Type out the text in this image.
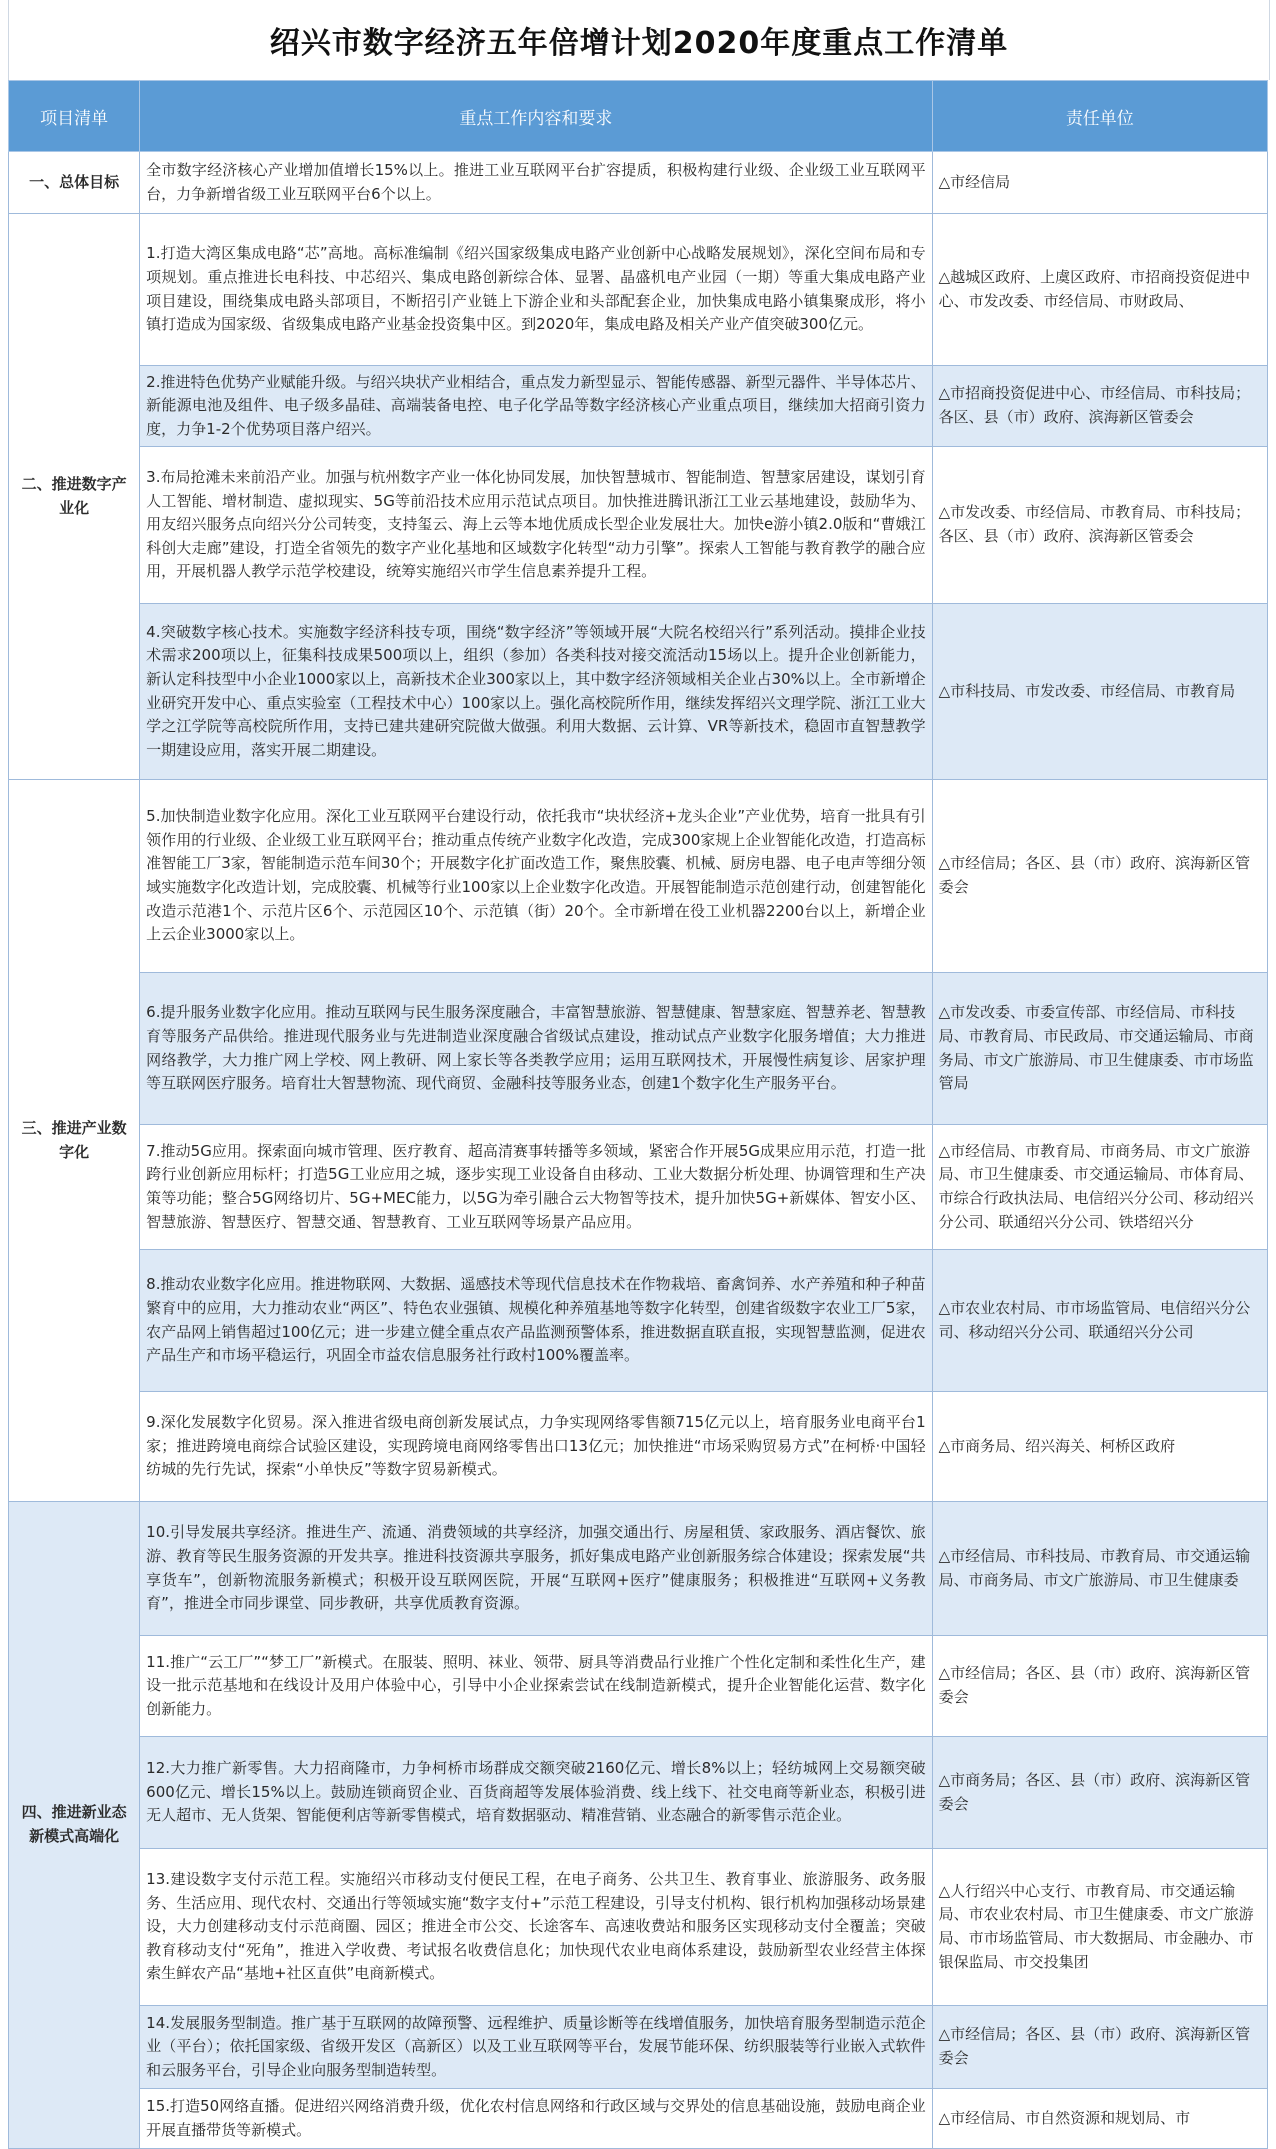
绍兴市数字经济五年倍增计划2020年度重点工作清单
项目清单	重点工作内容和要求	责任单位
一、总体目标	全市数字经济核心产业增加值增长15%以上。推进工业互联网平台扩容提质，积极构建行业级、企业级工业互联网平台，力争新增省级工业互联网平台6个以上。	△市经信局
二、推进数字产业化	1.打造大湾区集成电路“芯”高地。高标准编制《绍兴国家级集成电路产业创新中心战略发展规划》，深化空间布局和专项规划。重点推进长电科技、中芯绍兴、集成电路创新综合体、显署、晶盛机电产业园（一期）等重大集成电路产业项目建设，围绕集成电路头部项目，不断招引产业链上下游企业和头部配套企业，加快集成电路小镇集聚成形，将小镇打造成为国家级、省级集成电路产业基金投资集中区。到2020年，集成电路及相关产业产值突破300亿元。	△越城区政府、上虞区政府、市招商投资促进中心、市发改委、市经信局、市财政局、
	2.推进特色优势产业赋能升级。与绍兴块状产业相结合，重点发力新型显示、智能传感器、新型元器件、半导体芯片、新能源电池及组件、电子级多晶硅、高端装备电控、电子化学品等数字经济核心产业重点项目，继续加大招商引资力度，力争1-2个优势项目落户绍兴。	△市招商投资促进中心、市经信局、市科技局；各区、县（市）政府、滨海新区管委会
	3.布局抢滩未来前沿产业。加强与杭州数字产业一体化协同发展，加快智慧城市、智能制造、智慧家居建设，谋划引育人工智能、增材制造、虚拟现实、5G等前沿技术应用示范试点项目。加快推进腾讯浙江工业云基地建设，鼓励华为、用友绍兴服务点向绍兴分公司转变，支持玺云、海上云等本地优质成长型企业发展壮大。加快e游小镇2.0版和“曹娥江科创大走廊”建设，打造全省领先的数字产业化基地和区域数字化转型“动力引擎”。探索人工智能与教育教学的融合应用，开展机器人教学示范学校建设，统筹实施绍兴市学生信息素养提升工程。	△市发改委、市经信局、市教育局、市科技局；各区、县（市）政府、滨海新区管委会
	4.突破数字核心技术。实施数字经济科技专项，围绕“数字经济”等领域开展“大院名校绍兴行”系列活动。摸排企业技术需求200项以上，征集科技成果500项以上，组织（参加）各类科技对接交流活动15场以上。提升企业创新能力，新认定科技型中小企业1000家以上，高新技术企业300家以上，其中数字经济领域相关企业占30%以上。全市新增企业研究开发中心、重点实验室（工程技术中心）100家以上。强化高校院所作用，继续发挥绍兴文理学院、浙江工业大学之江学院等高校院所作用，支持已建共建研究院做大做强。利用大数据、云计算、VR等新技术，稳固市直智慧教学一期建设应用，落实开展二期建设。	△市科技局、市发改委、市经信局、市教育局
三、推进产业数字化	5.加快制造业数字化应用。深化工业互联网平台建设行动，依托我市“块状经济+龙头企业”产业优势，培育一批具有引领作用的行业级、企业级工业互联网平台；推动重点传统产业数字化改造，完成300家规上企业智能化改造，打造高标准智能工厂3家，智能制造示范车间30个；开展数字化扩面改造工作，聚焦胶囊、机械、厨房电器、电子电声等细分领域实施数字化改造计划，完成胶囊、机械等行业100家以上企业数字化改造。开展智能制造示范创建行动，创建智能化改造示范港1个、示范片区6个、示范园区10个、示范镇（街）20个。全市新增在役工业机器2200台以上，新增企业上云企业3000家以上。	△市经信局；各区、县（市）政府、滨海新区管委会
	6.提升服务业数字化应用。推动互联网与民生服务深度融合，丰富智慧旅游、智慧健康、智慧家庭、智慧养老、智慧教育等服务产品供给。推进现代服务业与先进制造业深度融合省级试点建设，推动试点产业数字化服务增值；大力推进网络教学，大力推广网上学校、网上教研、网上家长等各类教学应用；运用互联网技术，开展慢性病复诊、居家护理等互联网医疗服务。培育壮大智慧物流、现代商贸、金融科技等服务业态，创建1个数字化生产服务平台。	△市发改委、市委宣传部、市经信局、市科技局、市教育局、市民政局、市交通运输局、市商务局、市文广旅游局、市卫生健康委、市市场监管局
	7.推动5G应用。探索面向城市管理、医疗教育、超高清赛事转播等多领域，紧密合作开展5G成果应用示范，打造一批跨行业创新应用标杆；打造5G工业应用之城，逐步实现工业设备自由移动、工业大数据分析处理、协调管理和生产决策等功能；整合5G网络切片、5G+MEC能力，以5G为牵引融合云大物智等技术，提升加快5G+新媒体、智安小区、智慧旅游、智慧医疗、智慧交通、智慧教育、工业互联网等场景产品应用。	△市经信局、市教育局、市商务局、市文广旅游局、市卫生健康委、市交通运输局、市体育局、市综合行政执法局、电信绍兴分公司、移动绍兴分公司、联通绍兴分公司、铁塔绍兴分
	8.推动农业数字化应用。推进物联网、大数据、遥感技术等现代信息技术在作物栽培、畜禽饲养、水产养殖和种子种苗繁育中的应用，大力推动农业“两区”、特色农业强镇、规模化种养殖基地等数字化转型，创建省级数字农业工厂5家，农产品网上销售超过100亿元；进一步建立健全重点农产品监测预警体系，推进数据直联直报，实现智慧监测，促进农产品生产和市场平稳运行，巩固全市益农信息服务社行政村100%覆盖率。	△市农业农村局、市市场监管局、电信绍兴分公司、移动绍兴分公司、联通绍兴分公司
	9.深化发展数字化贸易。深入推进省级电商创新发展试点，力争实现网络零售额715亿元以上，培育服务业电商平台1家；推进跨境电商综合试验区建设，实现跨境电商网络零售出口13亿元；加快推进“市场采购贸易方式”在柯桥·中国轻纺城的先行先试，探索“小单快反”等数字贸易新模式。	△市商务局、绍兴海关、柯桥区政府
四、推进新业态新模式高端化	10.引导发展共享经济。推进生产、流通、消费领域的共享经济，加强交通出行、房屋租赁、家政服务、酒店餐饮、旅游、教育等民生服务资源的开发共享。推进科技资源共享服务，抓好集成电路产业创新服务综合体建设；探索发展“共享货车”，创新物流服务新模式；积极开设互联网医院，开展“互联网+医疗”健康服务；积极推进“互联网+义务教育”，推进全市同步课堂、同步教研，共享优质教育资源。	△市经信局、市科技局、市教育局、市交通运输局、市商务局、市文广旅游局、市卫生健康委
	11.推广“云工厂”“梦工厂”新模式。在服装、照明、袜业、领带、厨具等消费品行业推广个性化定制和柔性化生产，建设一批示范基地和在线设计及用户体验中心，引导中小企业探索尝试在线制造新模式，提升企业智能化运营、数字化创新能力。	△市经信局；各区、县（市）政府、滨海新区管委会
	12.大力推广新零售。大力招商隆市，力争柯桥市场群成交额突破2160亿元、增长8%以上；轻纺城网上交易额突破600亿元、增长15%以上。鼓励连锁商贸企业、百货商超等发展体验消费、线上线下、社交电商等新业态，积极引进无人超市、无人货架、智能便利店等新零售模式，培育数据驱动、精准营销、业态融合的新零售示范企业。	△市商务局；各区、县（市）政府、滨海新区管委会
	13.建设数字支付示范工程。实施绍兴市移动支付便民工程，在电子商务、公共卫生、教育事业、旅游服务、政务服务、生活应用、现代农村、交通出行等领域实施“数字支付+”示范工程建设，引导支付机构、银行机构加强移动场景建设，大力创建移动支付示范商圈、园区；推进全市公交、长途客车、高速收费站和服务区实现移动支付全覆盖；突破教育移动支付“死角”，推进入学收费、考试报名收费信息化；加快现代农业电商体系建设，鼓励新型农业经营主体探索生鲜农产品“基地+社区直供”电商新模式。	△人行绍兴中心支行、市教育局、市交通运输局、市农业农村局、市卫生健康委、市文广旅游局、市市场监管局、市大数据局、市金融办、市银保监局、市交投集团
	14.发展服务型制造。推广基于互联网的故障预警、远程维护、质量诊断等在线增值服务，加快培育服务型制造示范企业（平台）；依托国家级、省级开发区（高新区）以及工业互联网等平台，发展节能环保、纺织服装等行业嵌入式软件和云服务平台，引导企业向服务型制造转型。	△市经信局；各区、县（市）政府、滨海新区管委会
	15.打造50网络直播。促进绍兴网络消费升级，优化农村信息网络和行政区域与交界处的信息基础设施，鼓励电商企业开展直播带货等新模式。	△市经信局、市自然资源和规划局、市
